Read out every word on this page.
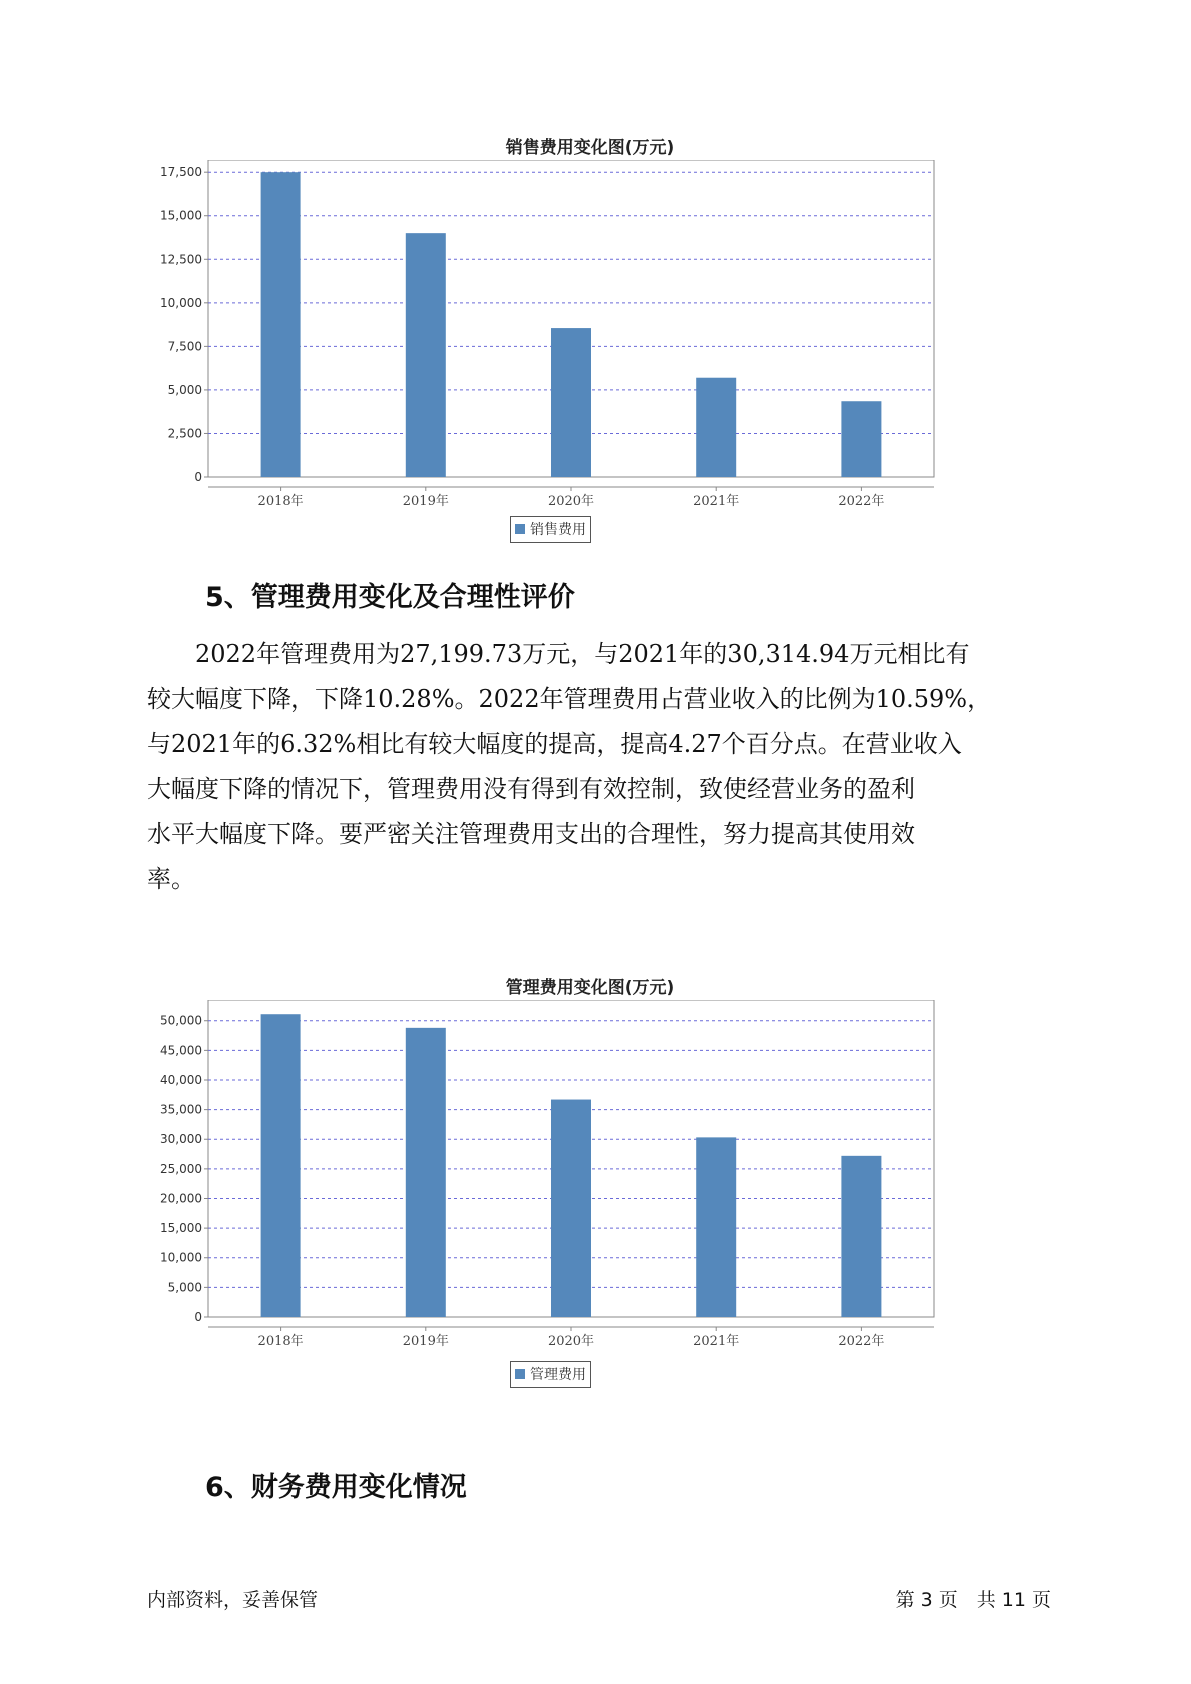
销售费用变化图(万元)
0
2,500
5,000
7,500
10,000
12,500
15,000
17,500
2018年	2019年	2020年	2021年	2022年
销售费用
5、管理费用变化及合理性评价
2022年管理费用为27,199.73万元，与2021年的30,314.94万元相比有
较大幅度下降，下降10.28%。2022年管理费用占营业收入的比例为10.59%，
与2021年的6.32%相比有较大幅度的提高，提高4.27个百分点。在营业收入
大幅度下降的情况下，管理费用没有得到有效控制，致使经营业务的盈利
水平大幅度下降。要严密关注管理费用支出的合理性，努力提高其使用效
率。
管理费用变化图(万元)
0
5,000
10,000
15,000
20,000
25,000
30,000
35,000
40,000
45,000
50,000
2018年	2019年	2020年	2021年	2022年
管理费用
6、财务费用变化情况
内部资料，妥善保管	第 3 页　共 11 页
